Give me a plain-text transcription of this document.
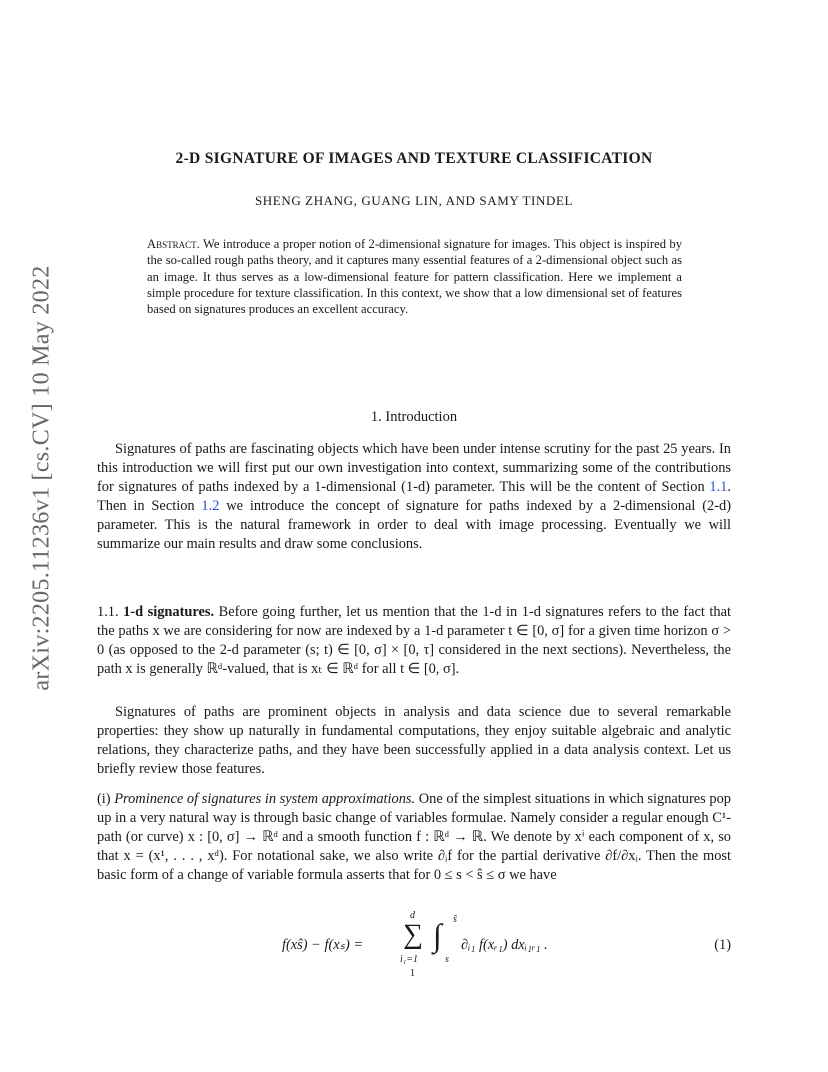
arXiv:2205.11236v1 [cs.CV] 10 May 2022
2-D SIGNATURE OF IMAGES AND TEXTURE CLASSIFICATION
SHENG ZHANG, GUANG LIN, AND SAMY TINDEL
Abstract. We introduce a proper notion of 2-dimensional signature for images. This object is inspired by the so-called rough paths theory, and it captures many essential features of a 2-dimensional object such as an image. It thus serves as a low-dimensional feature for pattern classification. Here we implement a simple procedure for texture classification. In this context, we show that a low dimensional set of features based on signatures produces an excellent accuracy.
1. Introduction

Signatures of paths are fascinating objects which have been under intense scrutiny for the past 25 years. In this introduction we will first put our own investigation into context, summarizing some of the contributions for signatures of paths indexed by a 1-dimensional (1-d) parameter. This will be the content of Section 1.1. Then in Section 1.2 we introduce the concept of signature for paths indexed by a 2-dimensional (2-d) parameter. This is the natural framework in order to deal with image processing. Eventually we will summarize our main results and draw some conclusions.

1.1. 1-d signatures. Before going further, let us mention that the 1-d in 1-d signatures refers to the fact that the paths x we are considering for now are indexed by a 1-d parameter t ∈ [0, σ] for a given time horizon σ > 0 (as opposed to the 2-d parameter (s; t) ∈ [0, σ] × [0, τ] considered in the next sections). Nevertheless, the path x is generally ℝᵈ-valued, that is xₜ ∈ ℝᵈ for all t ∈ [0, σ].

Signatures of paths are prominent objects in analysis and data science due to several remarkable properties: they show up naturally in fundamental computations, they enjoy suitable algebraic and analytic relations, they characterize paths, and they have been successfully applied in a data analysis context. Let us briefly review those features.

(i) Prominence of signatures in system approximations. One of the simplest situations in which signatures pop up in a very natural way is through basic change of variables formulae. Namely consider a regular enough C¹-path (or curve) x : [0, σ] → ℝᵈ and a smooth function f : ℝᵈ → ℝ. We denote by xⁱ each component of x, so that x = (x¹, . . . , xᵈ). For notational sake, we also write ∂ᵢf for the partial derivative ∂f/∂xᵢ. Then the most basic form of a change of variable formula asserts that for 0 ≤ s < ŝ ≤ σ we have

f(xŝ) − f(xₛ) =
d
∑
i₁=1
1
∫ ŝ
s
∂ᵢ₁ f(xᵣ₁) dxᵢ₁ᵣ₁ .	(1)
